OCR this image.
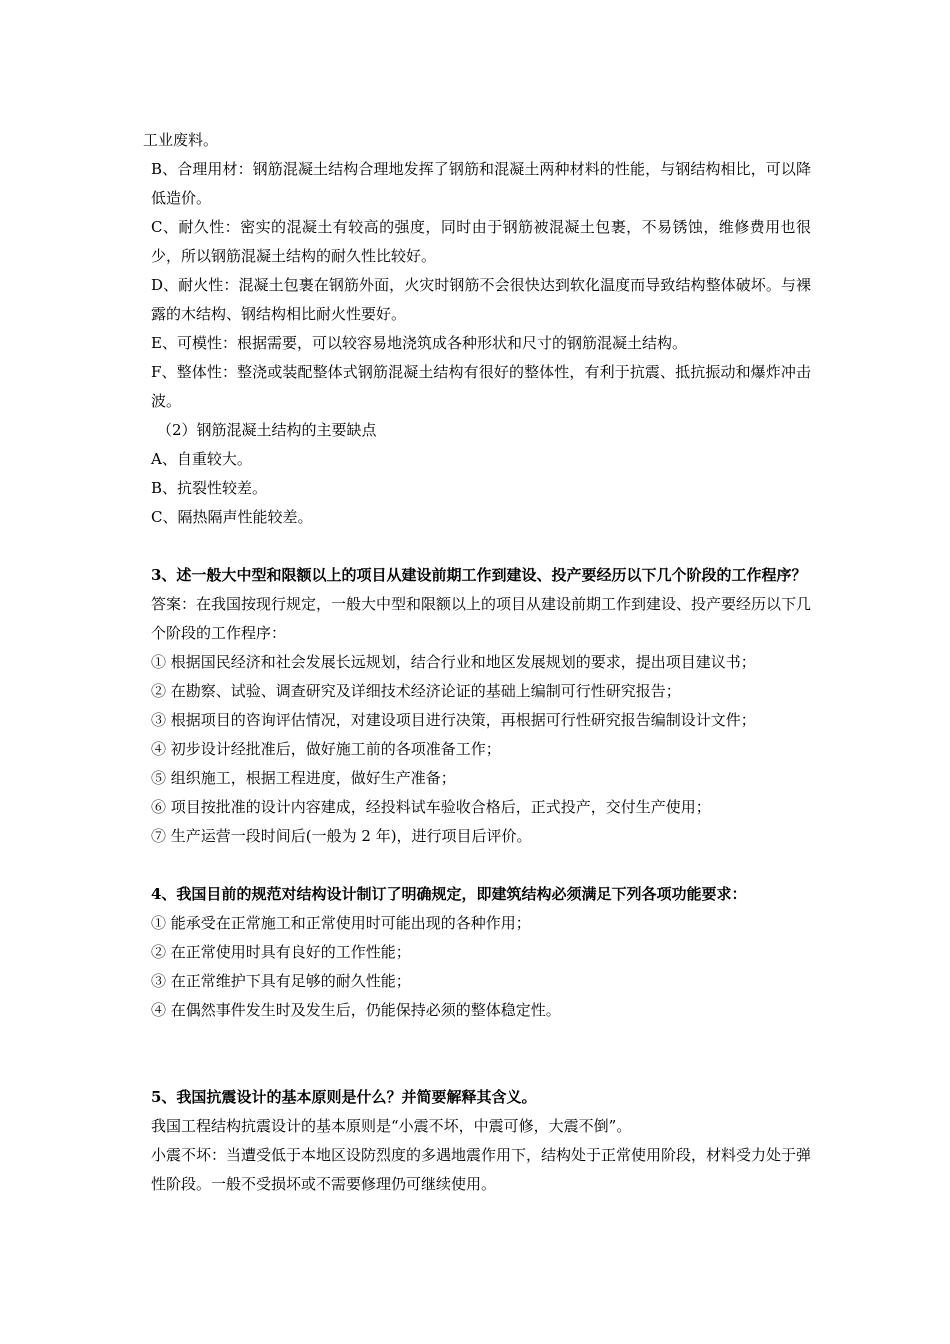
工业废料。

B、合理用材：钢筋混凝土结构合理地发挥了钢筋和混凝土两种材料的性能，与钢结构相比，可以降低造价。

C、耐久性：密实的混凝土有较高的强度，同时由于钢筋被混凝土包裹，不易锈蚀，维修费用也很少，所以钢筋混凝土结构的耐久性比较好。

D、耐火性：混凝土包裹在钢筋外面，火灾时钢筋不会很快达到软化温度而导致结构整体破坏。与裸露的木结构、钢结构相比耐火性要好。

E、可模性：根据需要，可以较容易地浇筑成各种形状和尺寸的钢筋混凝土结构。

F、整体性：整浇或装配整体式钢筋混凝土结构有很好的整体性，有利于抗震、抵抗振动和爆炸冲击波。

（2）钢筋混凝土结构的主要缺点

A、自重较大。

B、抗裂性较差。

C、隔热隔声性能较差。

3、述一般大中型和限额以上的项目从建设前期工作到建设、投产要经历以下几个阶段的工作程序？

答案：在我国按现行规定，一般大中型和限额以上的项目从建设前期工作到建设、投产要经历以下几个阶段的工作程序：

① 根据国民经济和社会发展长远规划，结合行业和地区发展规划的要求，提出项目建议书；

② 在勘察、试验、调查研究及详细技术经济论证的基础上编制可行性研究报告；

③ 根据项目的咨询评估情况，对建设项目进行决策，再根据可行性研究报告编制设计文件；

④ 初步设计经批准后，做好施工前的各项准备工作；

⑤ 组织施工，根据工程进度，做好生产准备；

⑥ 项目按批准的设计内容建成，经投料试车验收合格后，正式投产，交付生产使用；

⑦ 生产运营一段时间后(一般为 2 年)，进行项目后评价。

4、我国目前的规范对结构设计制订了明确规定，即建筑结构必须满足下列各项功能要求：

① 能承受在正常施工和正常使用时可能出现的各种作用；

② 在正常使用时具有良好的工作性能；

③ 在正常维护下具有足够的耐久性能；

④ 在偶然事件发生时及发生后，仍能保持必须的整体稳定性。

5、我国抗震设计的基本原则是什么？并简要解释其含义。

我国工程结构抗震设计的基本原则是“小震不坏，中震可修，大震不倒”。

小震不坏：当遭受低于本地区设防烈度的多遇地震作用下，结构处于正常使用阶段，材料受力处于弹性阶段。一般不受损坏或不需要修理仍可继续使用。
